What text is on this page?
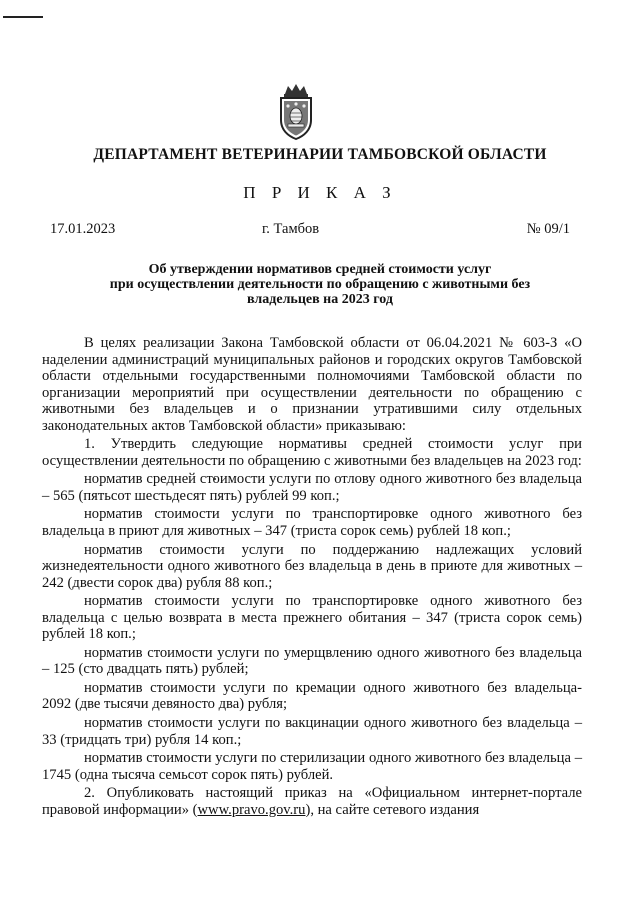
ДЕПАРТАМЕНТ ВЕТЕРИНАРИИ ТАМБОВСКОЙ ОБЛАСТИ
П Р И К А З
17.01.2023	г. Тамбов	№ 09/1
Об утверждении нормативов средней стоимости услуг
при осуществлении деятельности по обращению с животными без
владельцев на 2023 год

В целях реализации Закона Тамбовской области от 06.04.2021 № 603-З «О наделении администраций муниципальных районов и городских округов Тамбовской области отдельными государственными полномочиями Тамбовской области по организации мероприятий при осуществлении деятельности по обращению с животными без владельцев и о признании утратившими силу отдельных законодательных актов Тамбовской области» приказываю:

1. Утвердить следующие нормативы средней стоимости услуг при осуществлении деятельности по обращению с животными без владельцев на 2023 год:

норматив средней стоимости услуги по отлову одного животного без владельца – 565 (пятьсот шестьдесят пять) рублей 99 коп.;

норматив стоимости услуги по транспортировке одного животного без владельца в приют для животных – 347 (триста сорок семь) рублей 18 коп.;

норматив стоимости услуги по поддержанию надлежащих условий жизнедеятельности одного животного без владельца в день в приюте для животных – 242 (двести сорок два) рубля 88 коп.;

норматив стоимости услуги по транспортировке одного животного без владельца с целью возврата в места прежнего обитания – 347 (триста сорок семь) рублей 18 коп.;

норматив стоимости услуги по умерщвлению одного животного без владельца – 125 (сто двадцать пять) рублей;

норматив стоимости услуги по кремации одного животного без владельца- 2092 (две тысячи девяносто два) рубля;

норматив стоимости услуги по вакцинации одного животного без владельца – 33 (тридцать три) рубля 14 коп.;

норматив стоимости услуги по стерилизации одного животного без владельца – 1745 (одна тысяча семьсот сорок пять) рублей.

2. Опубликовать настоящий приказ на «Официальном интернет-портале правовой информации» (www.pravo.gov.ru), на сайте сетевого издания
